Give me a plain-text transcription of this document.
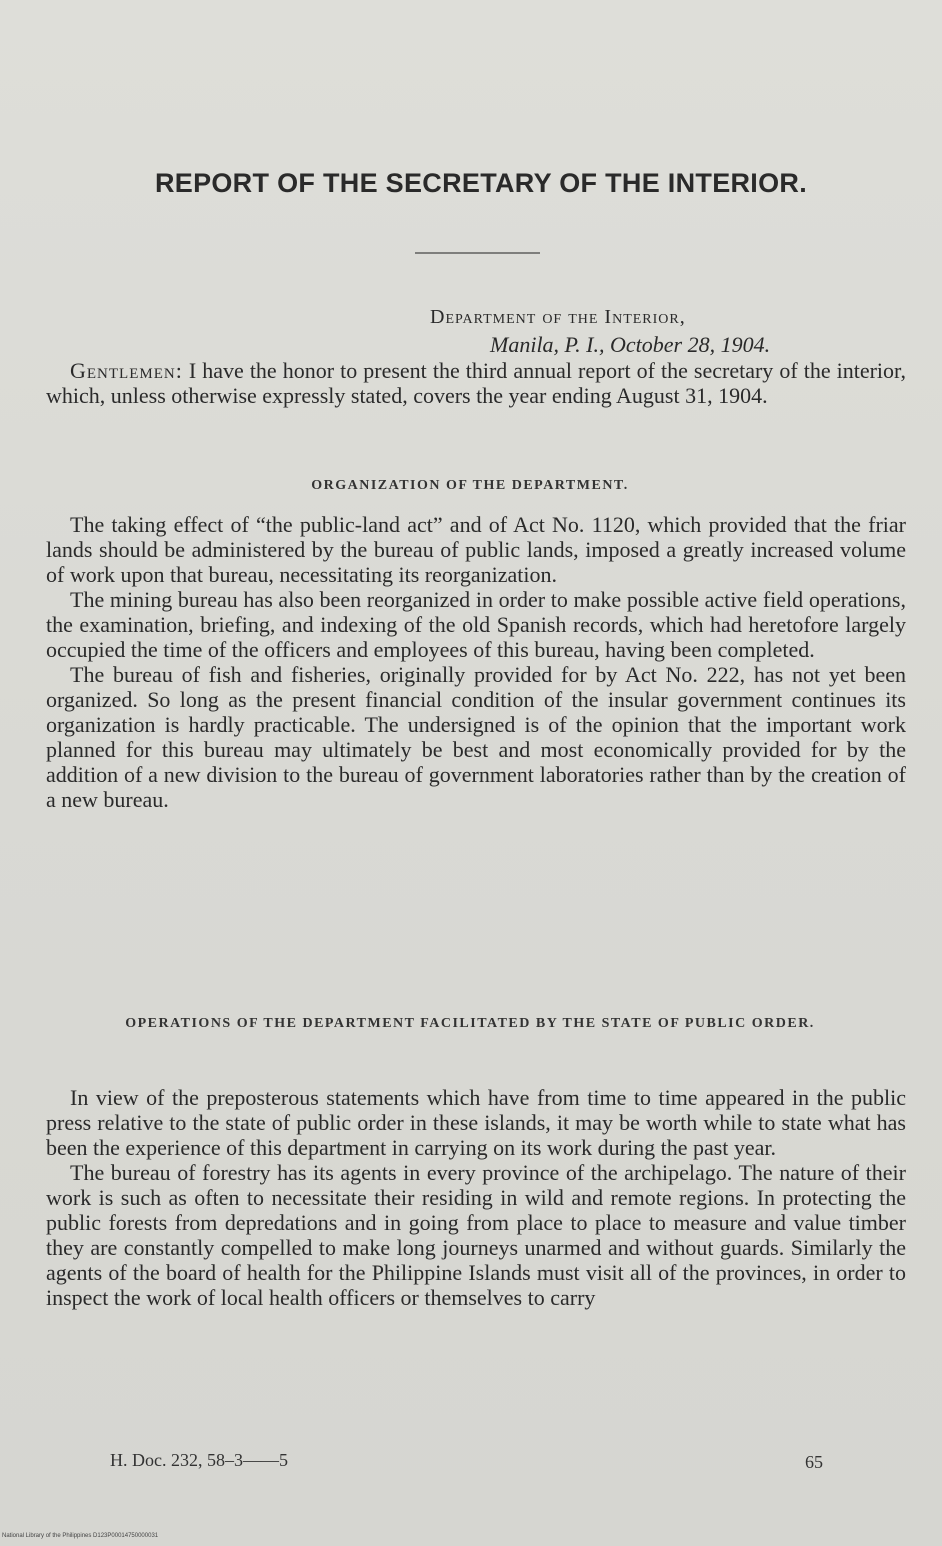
REPORT OF THE SECRETARY OF THE INTERIOR.
Department of the Interior,
Manila, P. I., October 28, 1904.

Gentlemen: I have the honor to present the third annual report of the secretary of the interior, which, unless otherwise expressly stated, covers the year ending August 31, 1904.

ORGANIZATION OF THE DEPARTMENT.

The taking effect of “the public-land act” and of Act No. 1120, which provided that the friar lands should be administered by the bureau of public lands, imposed a greatly increased volume of work upon that bureau, necessitating its reorganization.

The mining bureau has also been reorganized in order to make possible active field operations, the examination, briefing, and indexing of the old Spanish records, which had heretofore largely occupied the time of the officers and employees of this bureau, having been completed.

The bureau of fish and fisheries, originally provided for by Act No. 222, has not yet been organized. So long as the present financial condition of the insular government continues its organization is hardly practicable. The undersigned is of the opinion that the important work planned for this bureau may ultimately be best and most economically provided for by the addition of a new division to the bureau of government laboratories rather than by the creation of a new bureau.

OPERATIONS OF THE DEPARTMENT FACILITATED BY THE STATE OF PUBLIC ORDER.

In view of the preposterous statements which have from time to time appeared in the public press relative to the state of public order in these islands, it may be worth while to state what has been the experience of this department in carrying on its work during the past year.

The bureau of forestry has its agents in every province of the archipelago. The nature of their work is such as often to necessitate their residing in wild and remote regions. In protecting the public forests from depredations and in going from place to place to measure and value timber they are constantly compelled to make long journeys unarmed and without guards. Similarly the agents of the board of health for the Philippine Islands must visit all of the provinces, in order to inspect the work of local health officers or themselves to carry

H. Doc. 232, 58–3——5	65
National Library of the Philippines D123P00014750000031
